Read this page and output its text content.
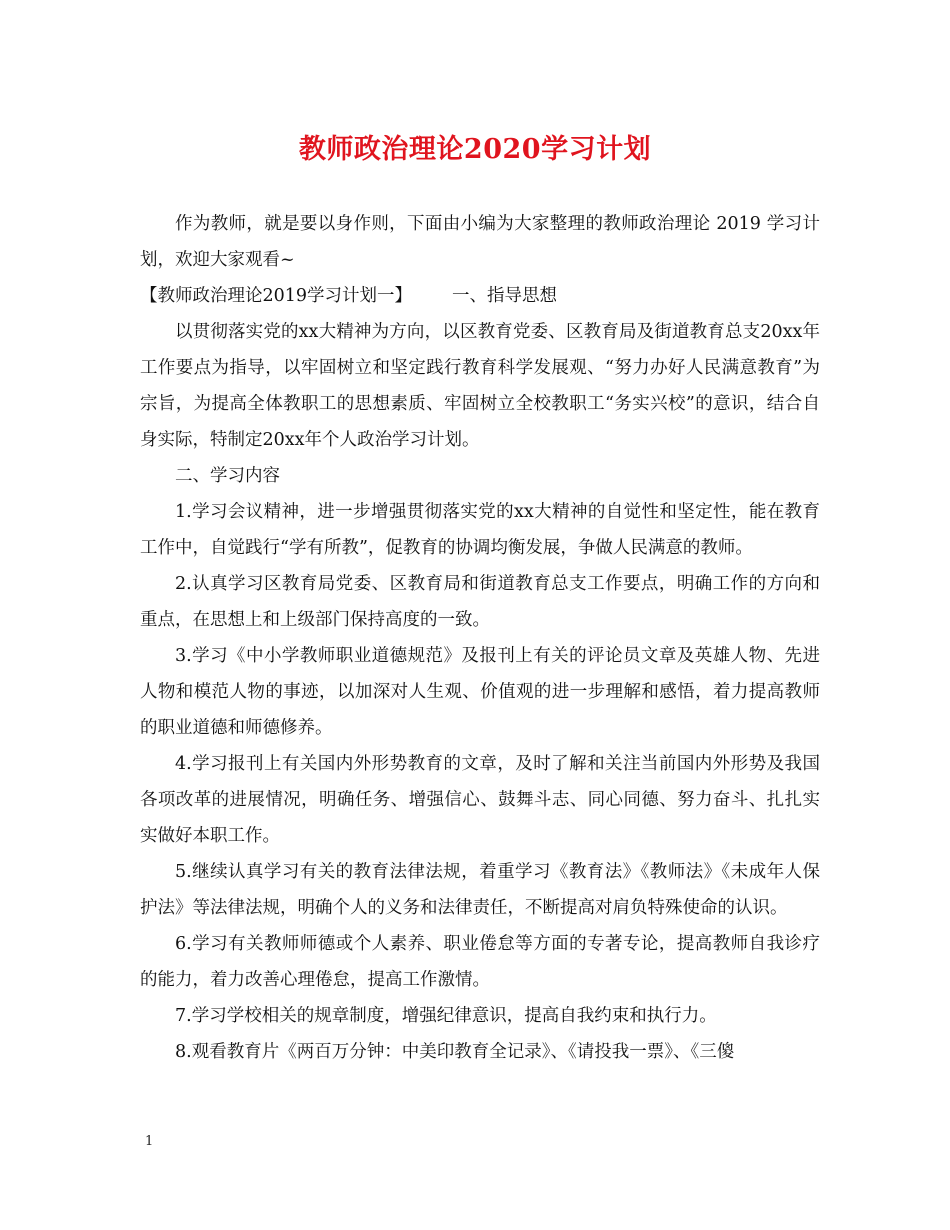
教师政治理论2020学习计划

作为教师，就是要以身作则，下面由小编为大家整理的教师政治理论 2019 学习计划，欢迎大家观看~

【教师政治理论2019学习计划一】 一、指导思想

以贯彻落实党的xx大精神为方向，以区教育党委、区教育局及街道教育总支20xx年工作要点为指导，以牢固树立和坚定践行教育科学发展观、“努力办好人民满意教育”为宗旨，为提高全体教职工的思想素质、牢固树立全校教职工“务实兴校”的意识，结合自身实际，特制定20xx年个人政治学习计划。

二、学习内容

1.学习会议精神，进一步增强贯彻落实党的xx大精神的自觉性和坚定性，能在教育工作中，自觉践行“学有所教”，促教育的协调均衡发展，争做人民满意的教师。

2.认真学习区教育局党委、区教育局和街道教育总支工作要点，明确工作的方向和重点，在思想上和上级部门保持高度的一致。

3.学习《中小学教师职业道德规范》及报刊上有关的评论员文章及英雄人物、先进人物和模范人物的事迹，以加深对人生观、价值观的进一步理解和感悟，着力提高教师的职业道德和师德修养。

4.学习报刊上有关国内外形势教育的文章，及时了解和关注当前国内外形势及我国各项改革的进展情况，明确任务、增强信心、鼓舞斗志、同心同德、努力奋斗、扎扎实实做好本职工作。

5.继续认真学习有关的教育法律法规，着重学习《教育法》《教师法》《未成年人保护法》等法律法规，明确个人的义务和法律责任，不断提高对肩负特殊使命的认识。

6.学习有关教师师德或个人素养、职业倦怠等方面的专著专论，提高教师自我诊疗的能力，着力改善心理倦怠，提高工作激情。

7.学习学校相关的规章制度，增强纪律意识，提高自我约束和执行力。

8.观看教育片《两百万分钟：中美印教育全记录》、《请投我一票》、《三傻

1
